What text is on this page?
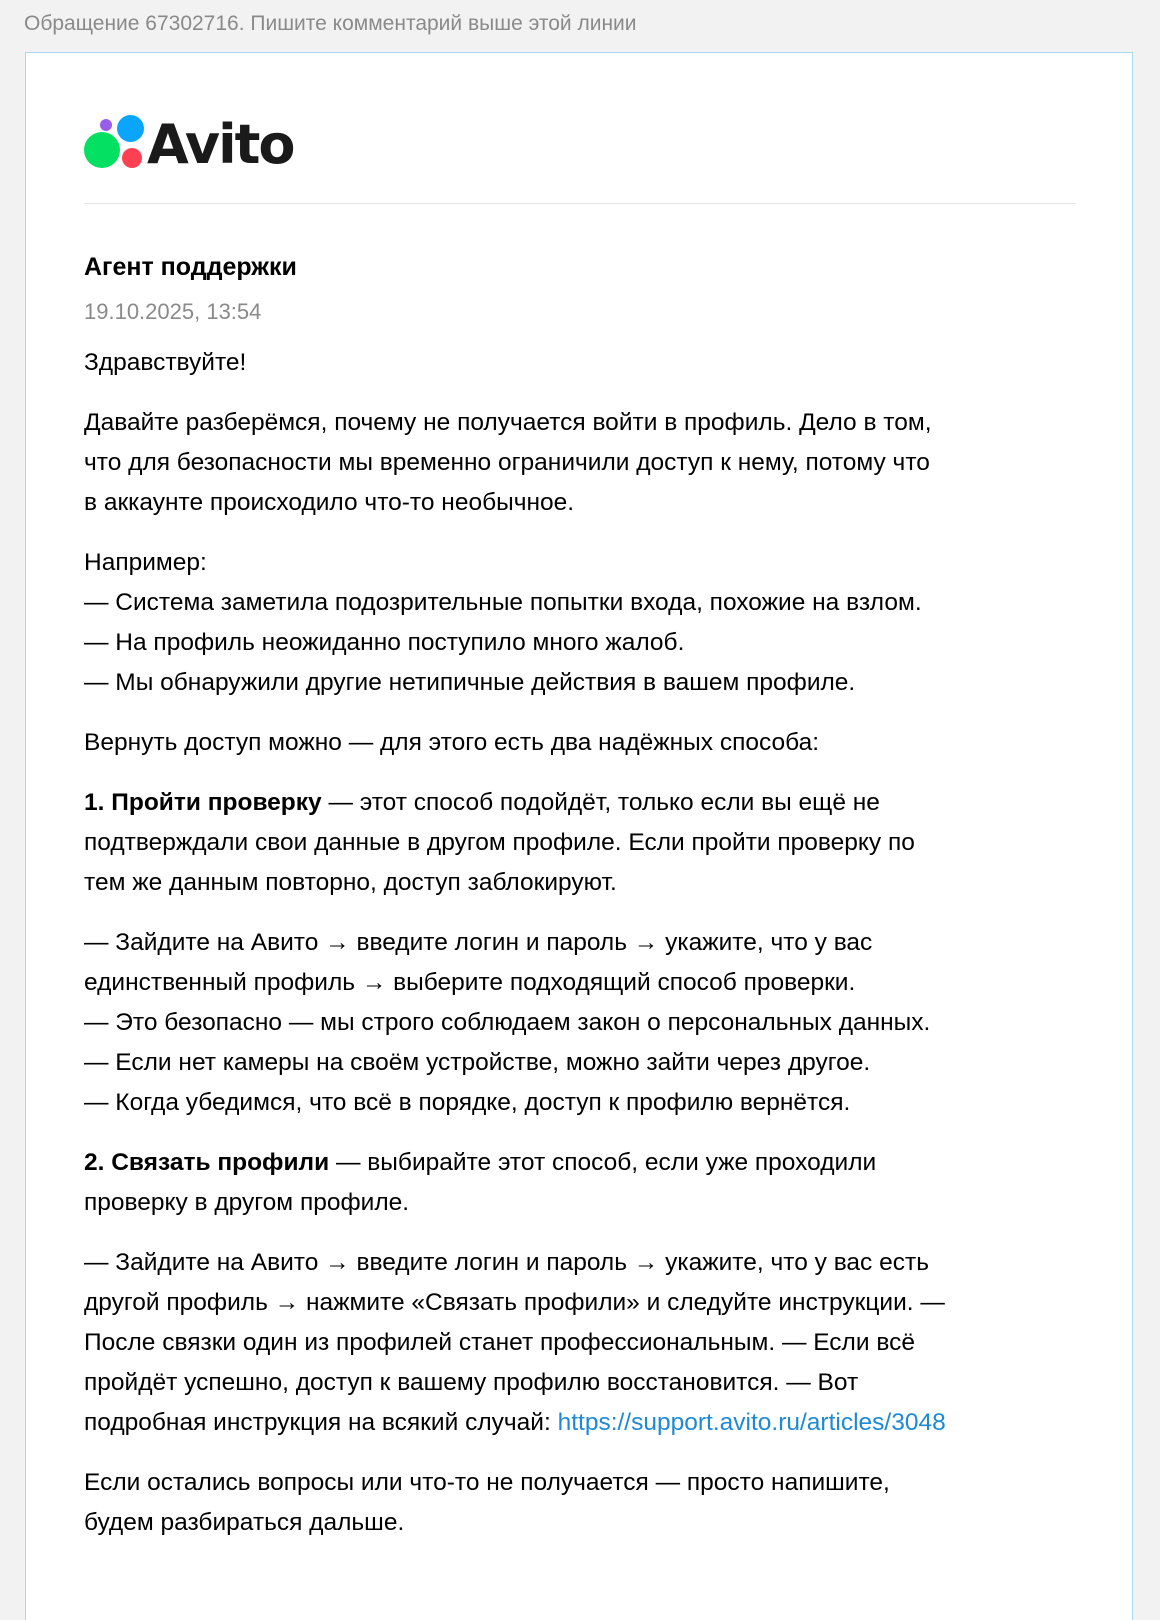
Обращение 67302716. Пишите комментарий выше этой линии
Avito

Агент поддержки

19.10.2025, 13:54

Здравствуйте!

Давайте разберёмся, почему не получается войти в профиль. Дело в том,
что для безопасности мы временно ограничили доступ к нему, потому что
в аккаунте происходило что-то необычное.

Например:
— Система заметила подозрительные попытки входа, похожие на взлом.
— На профиль неожиданно поступило много жалоб.
— Мы обнаружили другие нетипичные действия в вашем профиле.

Вернуть доступ можно — для этого есть два надёжных способа:

1. Пройти проверку — этот способ подойдёт, только если вы ещё не
подтверждали свои данные в другом профиле. Если пройти проверку по
тем же данным повторно, доступ заблокируют.

— Зайдите на Авито → введите логин и пароль → укажите, что у вас
единственный профиль → выберите подходящий способ проверки.
— Это безопасно — мы строго соблюдаем закон о персональных данных.
— Если нет камеры на своём устройстве, можно зайти через другое.
— Когда убедимся, что всё в порядке, доступ к профилю вернётся.

2. Связать профили — выбирайте этот способ, если уже проходили
проверку в другом профиле.

— Зайдите на Авито → введите логин и пароль → укажите, что у вас есть
другой профиль → нажмите «Связать профили» и следуйте инструкции. —
После связки один из профилей станет профессиональным. — Если всё
пройдёт успешно, доступ к вашему профилю восстановится. — Вот
подробная инструкция на всякий случай: https://support.avito.ru/articles/3048

Если остались вопросы или что-то не получается — просто напишите,
будем разбираться дальше.
